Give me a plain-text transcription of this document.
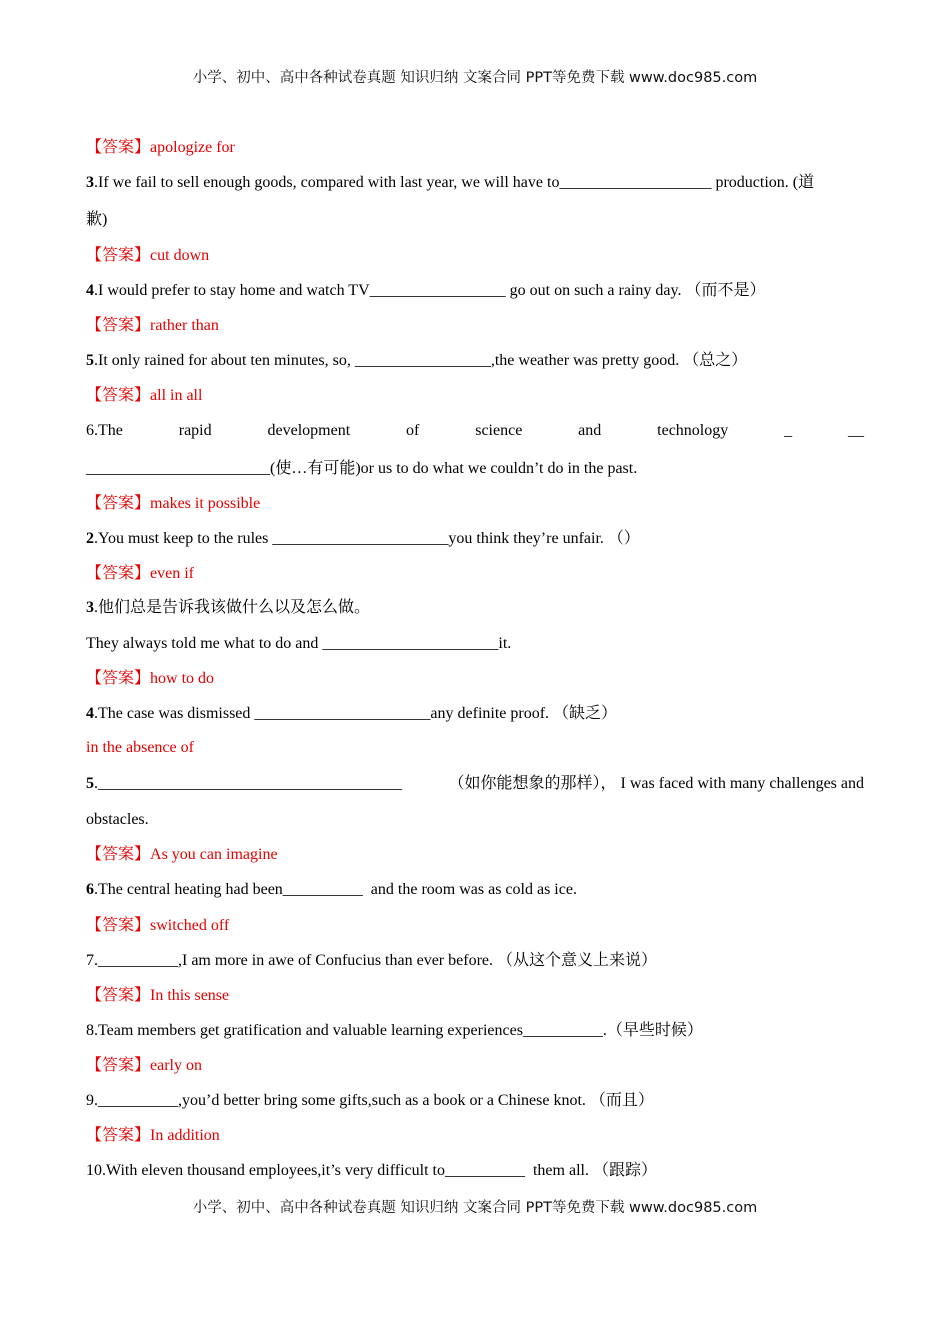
小学、初中、高中各种试卷真题 知识归纳 文案合同 PPT等免费下载 www.doc985.com
【答案】apologize for
3.If we fail to sell enough goods, compared with last year, we will have to___________________ production. (道
歉)
【答案】cut down
4.I would prefer to stay home and watch TV_________________ go out on such a rainy day. （而不是）
【答案】rather than
5.It only rained for about ten minutes, so, _________________,the weather was pretty good. （总之）
【答案】all in all
6.The	rapid	development	of	science	and	technology	_	__
_______________________(使…有可能)or us to do what we couldn’t do in the past.
【答案】makes it possible
2.You must keep to the rules ______________________you think they’re unfair. （）
【答案】even if
3.他们总是告诉我该做什么以及怎么做。
They always told me what to do and ______________________it.
【答案】how to do
4.The case was dismissed ______________________any definite proof. （缺乏）
in the absence of
5.______________________________________	（如你能想象的那样）， I was faced with many challenges and
obstacles.
【答案】As you can imagine
6.The central heating had been__________  and the room was as cold as ice.
【答案】switched off
7.__________,I am more in awe of Confucius than ever before. （从这个意义上来说）
【答案】In this sense
8.Team members get gratification and valuable learning experiences__________.（早些时候）
【答案】early on
9.__________,you’d better bring some gifts,such as a book or a Chinese knot. （而且）
【答案】In addition
10.With eleven thousand employees,it’s very difficult to__________  them all. （跟踪）
小学、初中、高中各种试卷真题 知识归纳 文案合同 PPT等免费下载 www.doc985.com
